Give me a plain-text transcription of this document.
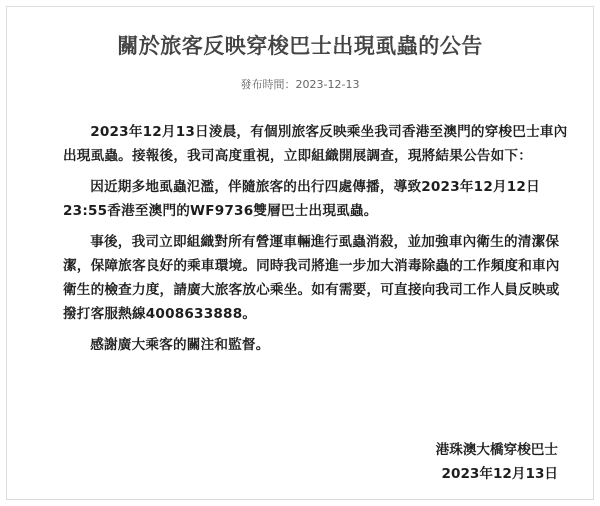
關於旅客反映穿梭巴士出現虱蟲的公告
發布時間：2023-12-13

2023年12月13日淩晨，有個別旅客反映乘坐我司香港至澳門的穿梭巴士車內出現虱蟲。接報後，我司高度重視，立即組織開展調查，現將結果公告如下：

因近期多地虱蟲氾濫，伴隨旅客的出行四處傳播，導致2023年12月12日23:55香港至澳門的WF9736雙層巴士出現虱蟲。

事後，我司立即組織對所有營運車輛進行虱蟲消殺，並加強車內衛生的清潔保潔，保障旅客良好的乘車環境。同時我司將進一步加大消毒除蟲的工作頻度和車內衛生的檢查力度，請廣大旅客放心乘坐。如有需要，可直接向我司工作人員反映或撥打客服熱線4008633888。

感謝廣大乘客的關注和監督。

港珠澳大橋穿梭巴士
2023年12月13日
